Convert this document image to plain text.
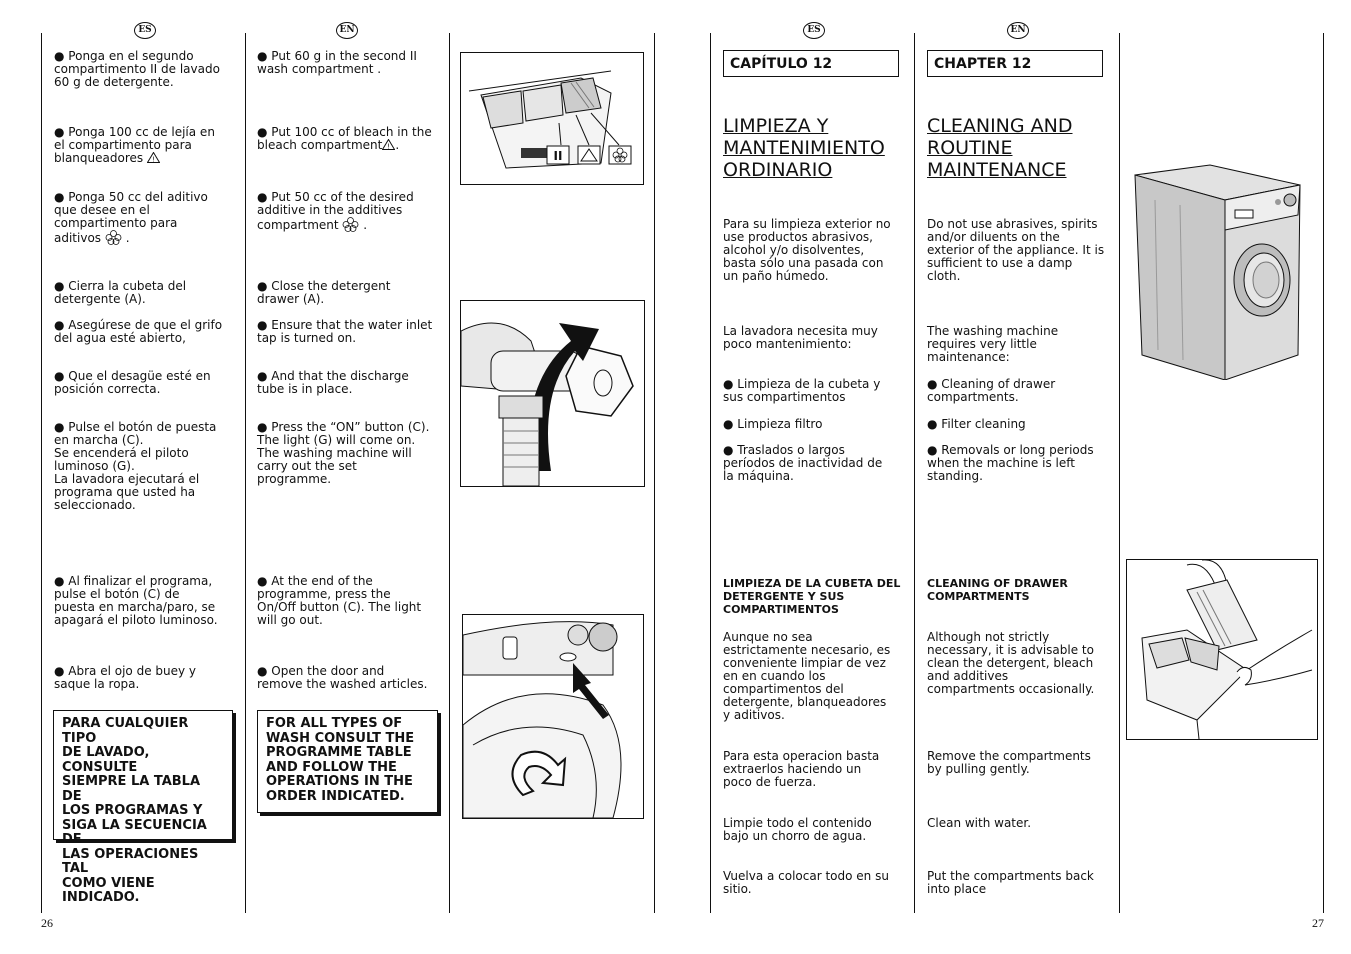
ES	EN	ES	EN
● Ponga en el segundo
compartimento II de lavado
60 g de detergente.
● Ponga 100 cc de lejía en
el compartimento para
blanqueadores !
● Ponga 50 cc del aditivo
que desee en el
compartimento para
aditivos  .
● Cierra la cubeta del
detergente (A).
● Asegúrese de que el grifo
del agua esté abierto,
● Que el desagüe esté en
posición correcta.
● Pulse el botón de puesta
en marcha (C).
Se encenderá el piloto
luminoso (G).
La lavadora ejecutará el
programa que usted ha
seleccionado.
● Al finalizar el programa,
pulse el botón (C) de
puesta en marcha/paro, se
apagará el piloto luminoso.
● Abra el ojo de buey y
saque la ropa.
PARA CUALQUIER TIPO
DE LAVADO, CONSULTE
SIEMPRE LA TABLA DE
LOS PROGRAMAS Y
SIGA LA SECUENCIA DE
LAS OPERACIONES TAL
COMO VIENE
INDICADO.
● Put 60 g in the second II
wash compartment .
● Put 100 cc of bleach in the
bleach compartment ! .
● Put 50 cc of the desired
additive in the additives
compartment  .
● Close the detergent
drawer (A).
● Ensure that the water inlet
tap is turned on.
● And that the discharge
tube is in place.
● Press the “ON” button (C).
The light (G) will come on.
The washing machine will
carry out the set
programme.
● At the end of the
programme, press the
On/Off button (C). The light
will go out.
● Open the door and
remove the washed articles.
FOR ALL TYPES OF
WASH CONSULT THE
PROGRAMME TABLE
AND FOLLOW THE
OPERATIONS IN THE
ORDER INDICATED.
II
CAPÍTULO 12
LIMPIEZA Y
MANTENIMIENTO
ORDINARIO
Para su limpieza exterior no
use productos abrasivos,
alcohol y/o disolventes,
basta sólo una pasada con
un paño húmedo.
La lavadora necesita muy
poco mantenimiento:
● Limpieza de la cubeta y
sus compartimentos
● Limpieza filtro
● Traslados o largos
períodos de inactividad de
la máquina.
LIMPIEZA DE LA CUBETA DEL
DETERGENTE Y SUS
COMPARTIMENTOS
Aunque no sea
estrictamente necesario, es
conveniente limpiar de vez
en en cuando los
compartimentos del
detergente, blanqueadores
y aditivos.
Para esta operacion basta
extraerlos haciendo un
poco de fuerza.
Limpie todo el contenido
bajo un chorro de agua.
Vuelva a colocar todo en su
sitio.
CHAPTER 12
CLEANING AND
ROUTINE
MAINTENANCE
Do not use abrasives, spirits
and/or diluents on the
exterior of the appliance. It is
sufficient to use a damp
cloth.
The washing machine
requires very little
maintenance:
● Cleaning of drawer
compartments.
● Filter cleaning
● Removals or long periods
when the machine is left
standing.
CLEANING OF DRAWER
COMPARTMENTS
Although not strictly
necessary, it is advisable to
clean the detergent, bleach
and additives
compartments occasionally.
Remove the compartments
by pulling gently.
Clean with water.
Put the compartments back
into place
26	27
